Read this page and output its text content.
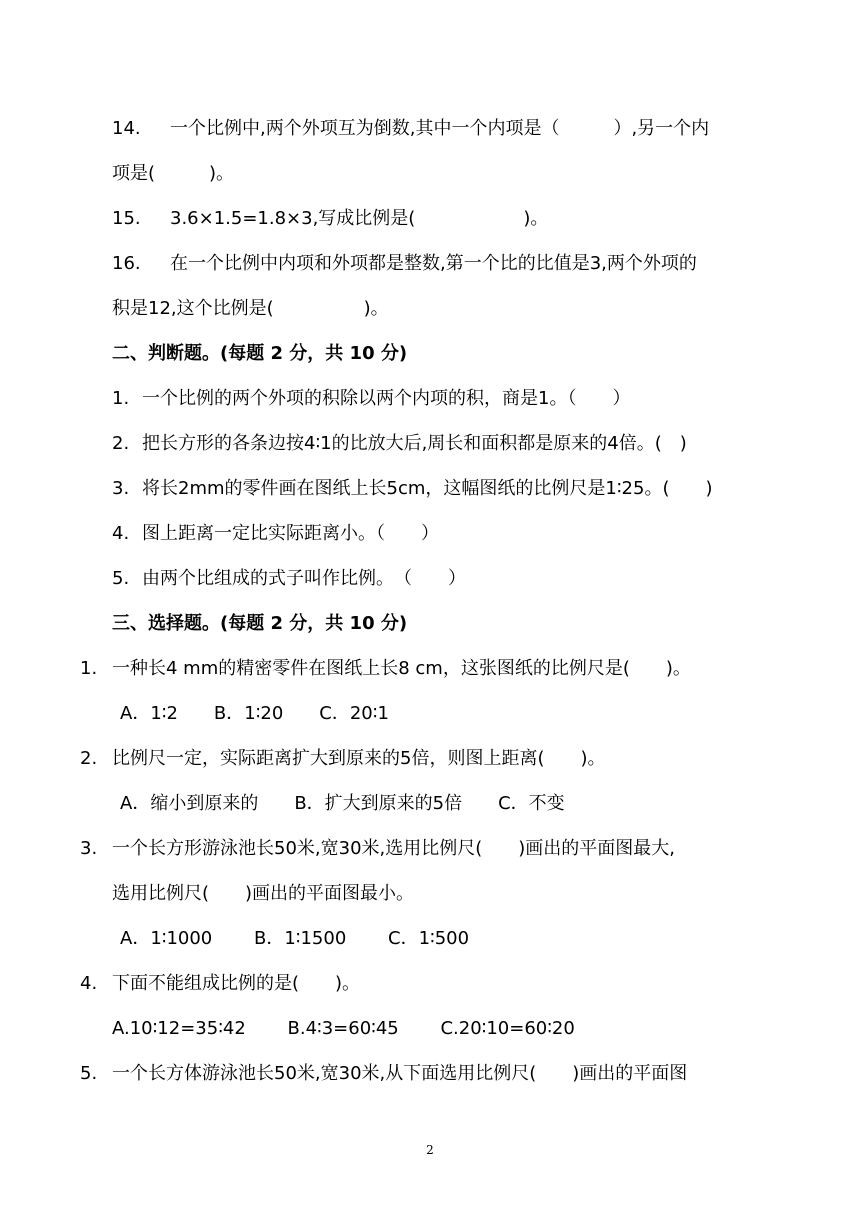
14. 一个比例中,两个外项互为倒数,其中一个内项是（　　　）,另一个内
项是(　　　)。
15. 3.6×1.5=1.8×3,写成比例是(　　　　　　)。
16. 在一个比例中内项和外项都是整数,第一个比的比值是3,两个外项的
积是12,这个比例是(　　　　　)。
二、判断题。(每题 2 分，共 10 分)
1. 一个比例的两个外项的积除以两个内项的积，商是1。（　　）
2. 把长方形的各条边按4∶1的比放大后,周长和面积都是原来的4倍。(　)
3. 将长2mm的零件画在图纸上长5cm，这幅图纸的比例尺是1∶25。(　　)
4. 图上距离一定比实际距离小。（　　）
5. 由两个比组成的式子叫作比例。　（　　）
三、选择题。(每题 2 分，共 10 分)
1. 一种长4 mm的精密零件在图纸上长8 cm，这张图纸的比例尺是(　　)。
A．1∶2　　B．1∶20　　C．20∶1
2. 比例尺一定，实际距离扩大到原来的5倍，则图上距离(　　)。
A．缩小到原来的　　B．扩大到原来的5倍　　C．不变
3. 一个长方形游泳池长50米,宽30米,选用比例尺(　　)画出的平面图最大,
选用比例尺(　　)画出的平面图最小。
A．1∶1000　　 B．1∶1500　　 C．1∶500
4. 下面不能组成比例的是(　　)。
A.10∶12=35∶42　　 B.4∶3=60∶45　　 C.20∶10=60∶20
5. 一个长方体游泳池长50米,宽30米,从下面选用比例尺(　　)画出的平面图
2
